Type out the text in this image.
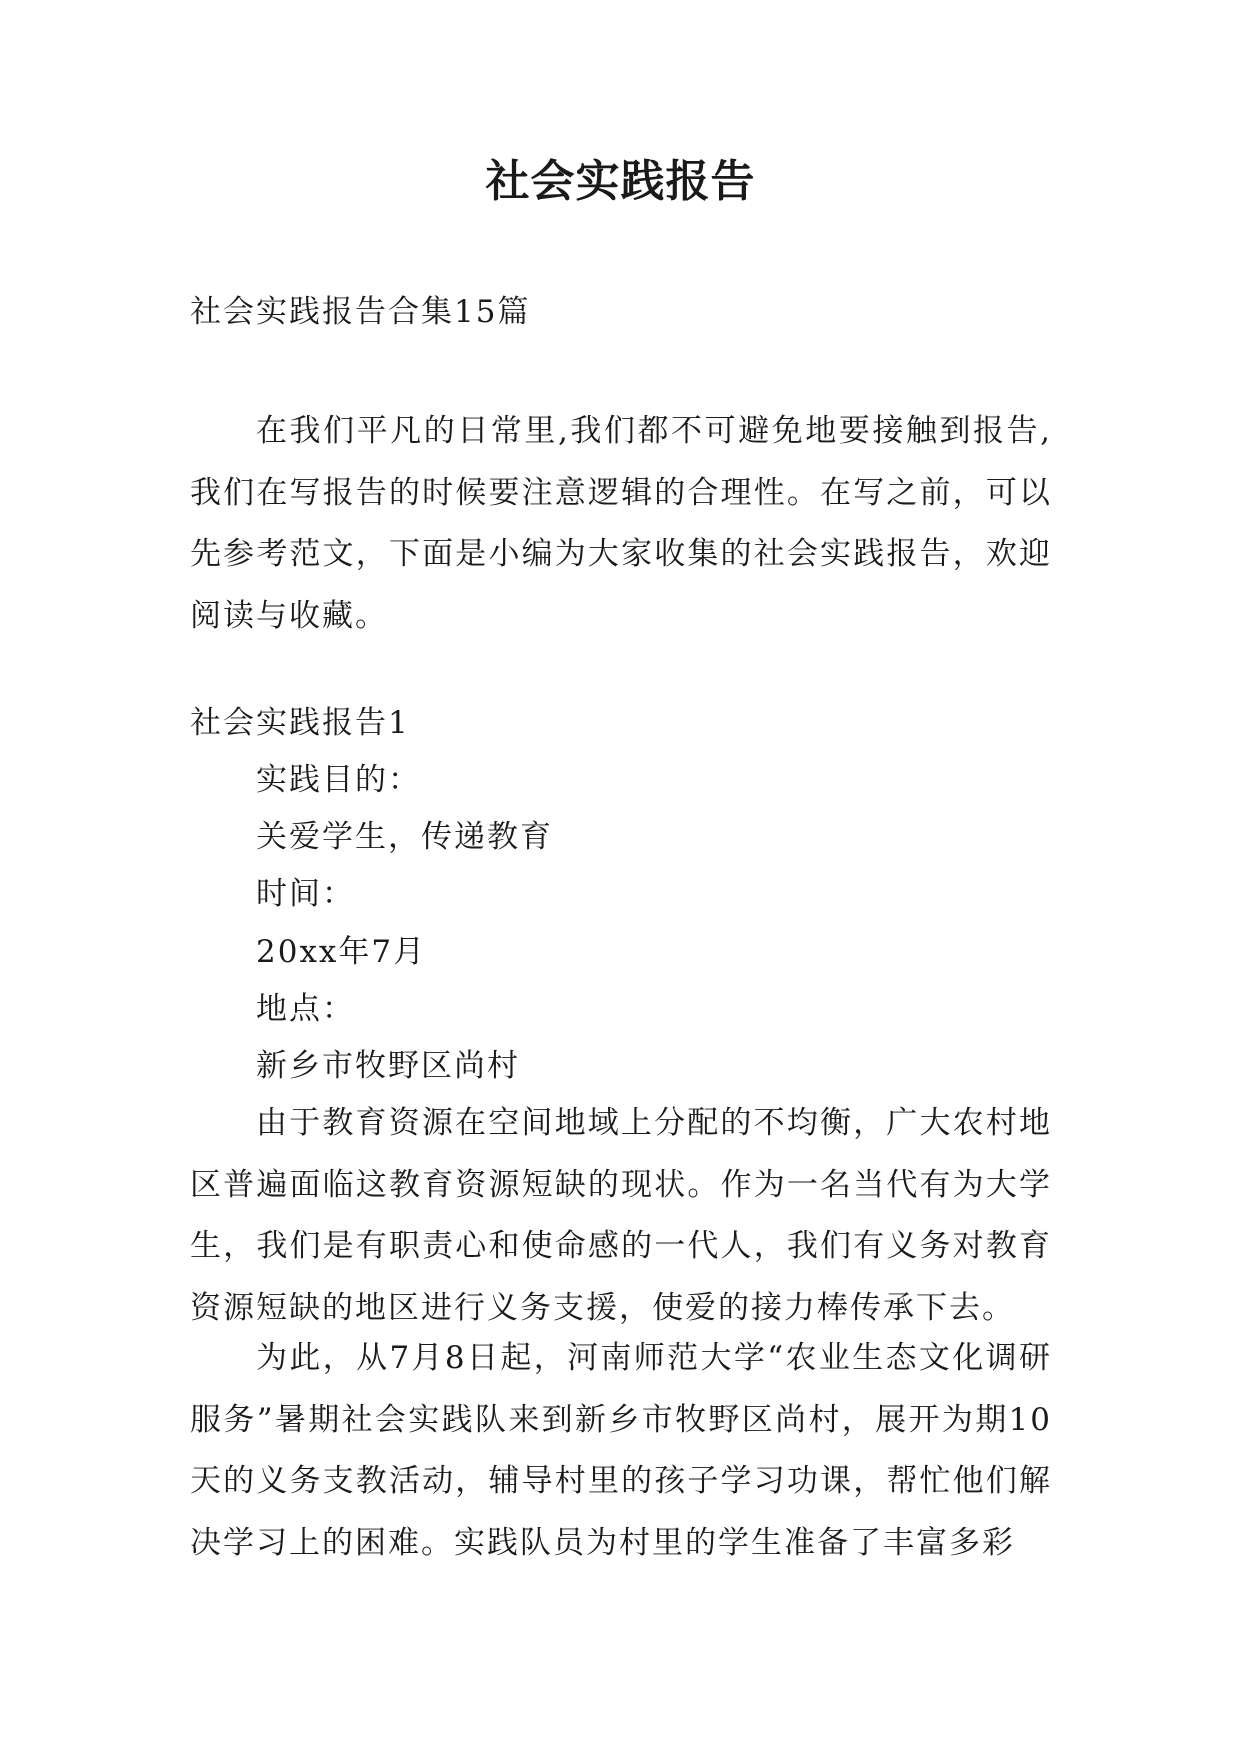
社会实践报告
社会实践报告合集15篇
在我们平凡的日常里,我们都不可避免地要接触到报告,我们在写报告的时候要注意逻辑的合理性。在写之前，可以先参考范文，下面是小编为大家收集的社会实践报告，欢迎阅读与收藏。
社会实践报告1
实践目的：
关爱学生，传递教育
时间：
20xx年7月
地点：
新乡市牧野区尚村
由于教育资源在空间地域上分配的不均衡，广大农村地区普遍面临这教育资源短缺的现状。作为一名当代有为大学生，我们是有职责心和使命感的一代人，我们有义务对教育资源短缺的地区进行义务支援，使爱的接力棒传承下去。
为此，从7月8日起，河南师范大学“农业生态文化调研服务”暑期社会实践队来到新乡市牧野区尚村，展开为期10天的义务支教活动，辅导村里的孩子学习功课，帮忙他们解决学习上的困难。实践队员为村里的学生准备了丰富多彩
